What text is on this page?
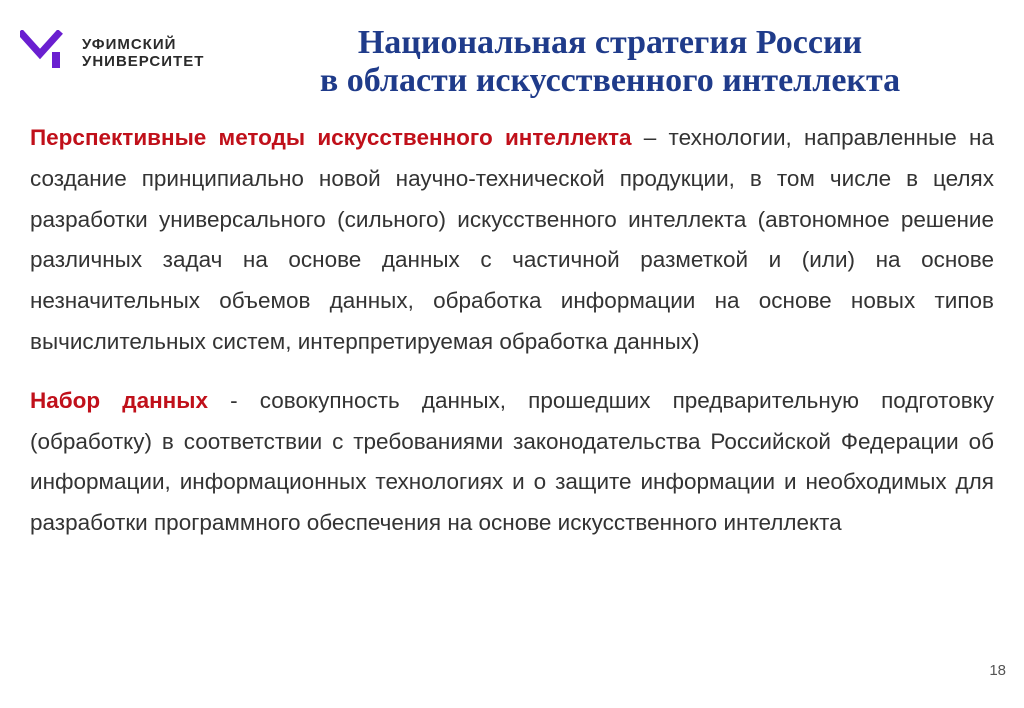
УФИМСКИЙ
УНИВЕРСИТЕТ
Национальная стратегия России
в области искусственного интеллекта

Перспективные методы искусственного интеллекта – технологии, направленные на создание принципиально новой научно-технической продукции, в том числе в целях разработки универсального (сильного) искусственного интеллекта (автономное решение различных задач на основе данных с частичной разметкой и (или) на основе незначительных объемов данных, обработка информации на основе новых типов вычислительных систем, интерпретируемая обработка данных)

Набор данных - совокупность данных, прошедших предварительную подготовку (обработку) в соответствии с требованиями законодательства Российской Федерации об информации, информационных технологиях и о защите информации и необходимых для разработки программного обеспечения на основе искусственного интеллекта

18
